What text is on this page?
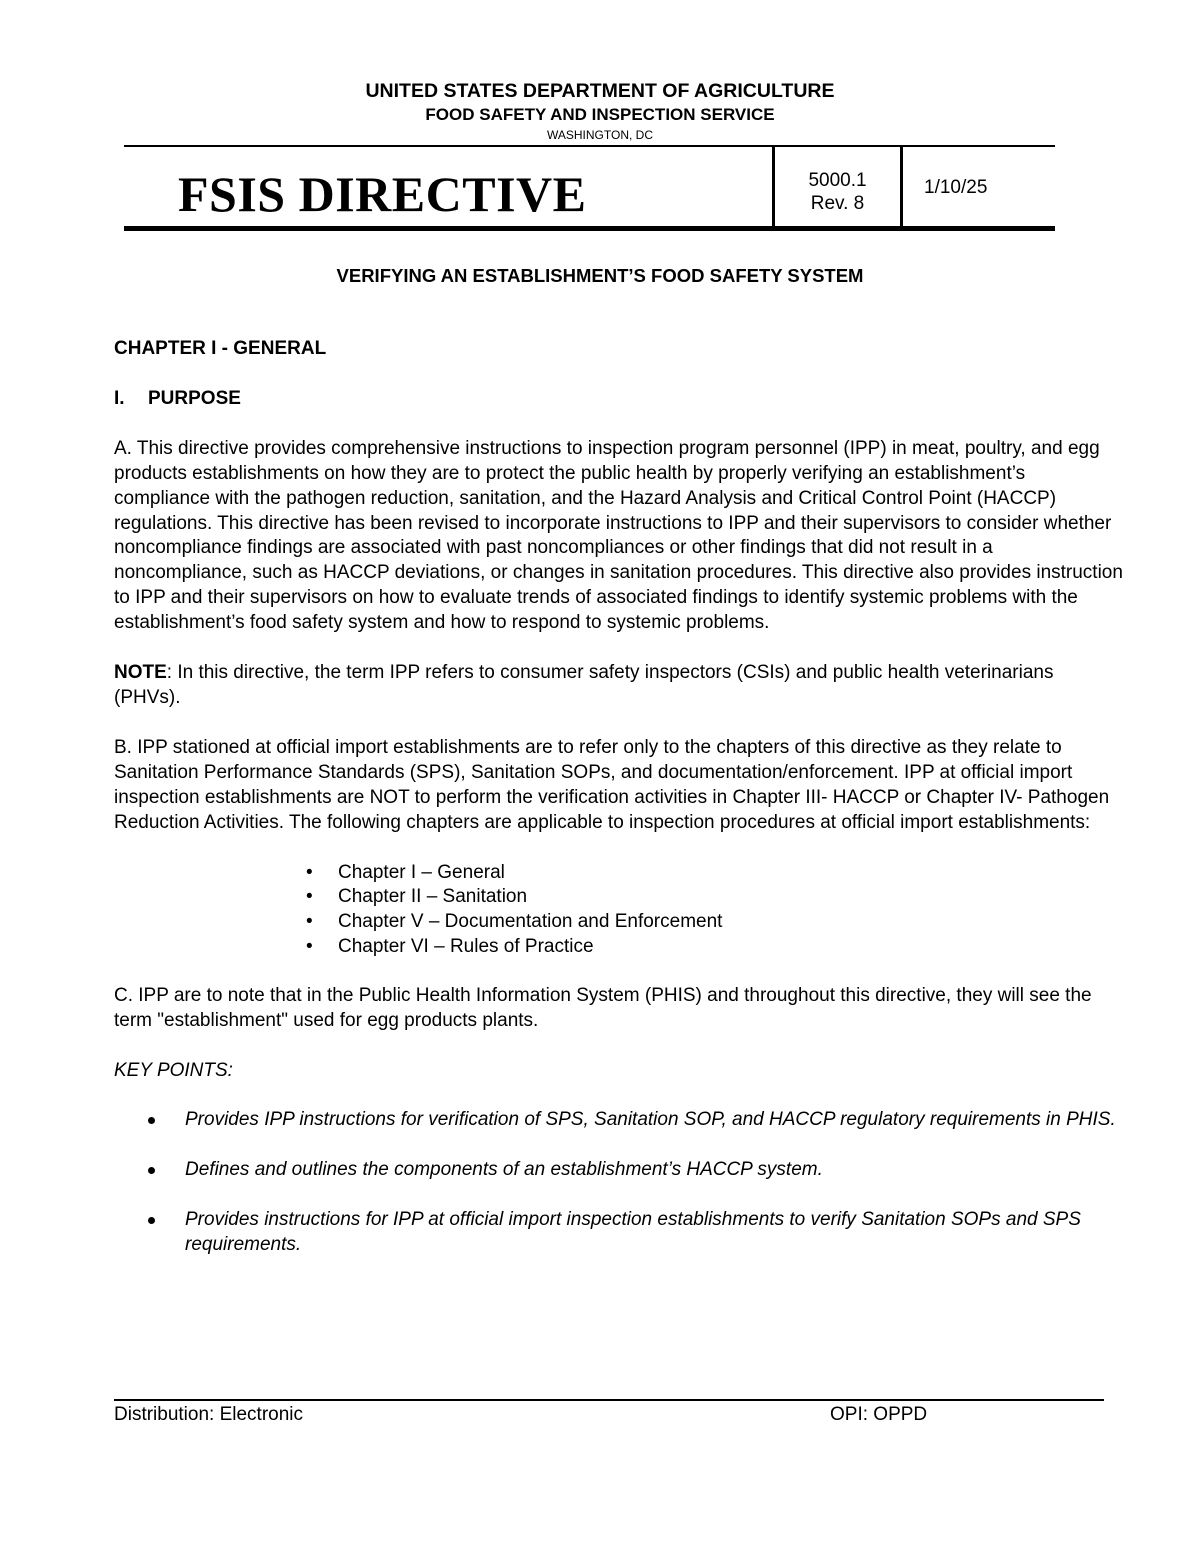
UNITED STATES DEPARTMENT OF AGRICULTURE
FOOD SAFETY AND INSPECTION SERVICE
WASHINGTON, DC
FSIS DIRECTIVE	5000.1
Rev. 8
1/10/25
VERIFYING AN ESTABLISHMENT’S FOOD SAFETY SYSTEM

CHAPTER I - GENERAL

I. PURPOSE

A. This directive provides comprehensive instructions to inspection program personnel (IPP) in meat, poultry, and egg products establishments on how they are to protect the public health by properly verifying an establishment’s compliance with the pathogen reduction, sanitation, and the Hazard Analysis and Critical Control Point (HACCP) regulations. This directive has been revised to incorporate instructions to IPP and their supervisors to consider whether noncompliance findings are associated with past noncompliances or other findings that did not result in a noncompliance, such as HACCP deviations, or changes in sanitation procedures. This directive also provides instruction to IPP and their supervisors on how to evaluate trends of associated findings to identify systemic problems with the establishment’s food safety system and how to respond to systemic problems.

NOTE: In this directive, the term IPP refers to consumer safety inspectors (CSIs) and public health veterinarians (PHVs).

B. IPP stationed at official import establishments are to refer only to the chapters of this directive as they relate to Sanitation Performance Standards (SPS), Sanitation SOPs, and documentation/enforcement. IPP at official import inspection establishments are NOT to perform the verification activities in Chapter III- HACCP or Chapter IV- Pathogen Reduction Activities. The following chapters are applicable to inspection procedures at official import establishments:

• Chapter I – General
• Chapter II – Sanitation
• Chapter V – Documentation and Enforcement
• Chapter VI – Rules of Practice

C. IPP are to note that in the Public Health Information System (PHIS) and throughout this directive, they will see the term "establishment" used for egg products plants.

KEY POINTS:

Provides IPP instructions for verification of SPS, Sanitation SOP, and HACCP regulatory requirements in PHIS.
Defines and outlines the components of an establishment’s HACCP system.
Provides instructions for IPP at official import inspection establishments to verify Sanitation SOPs and SPS requirements.
Distribution: Electronic	OPI: OPPD
